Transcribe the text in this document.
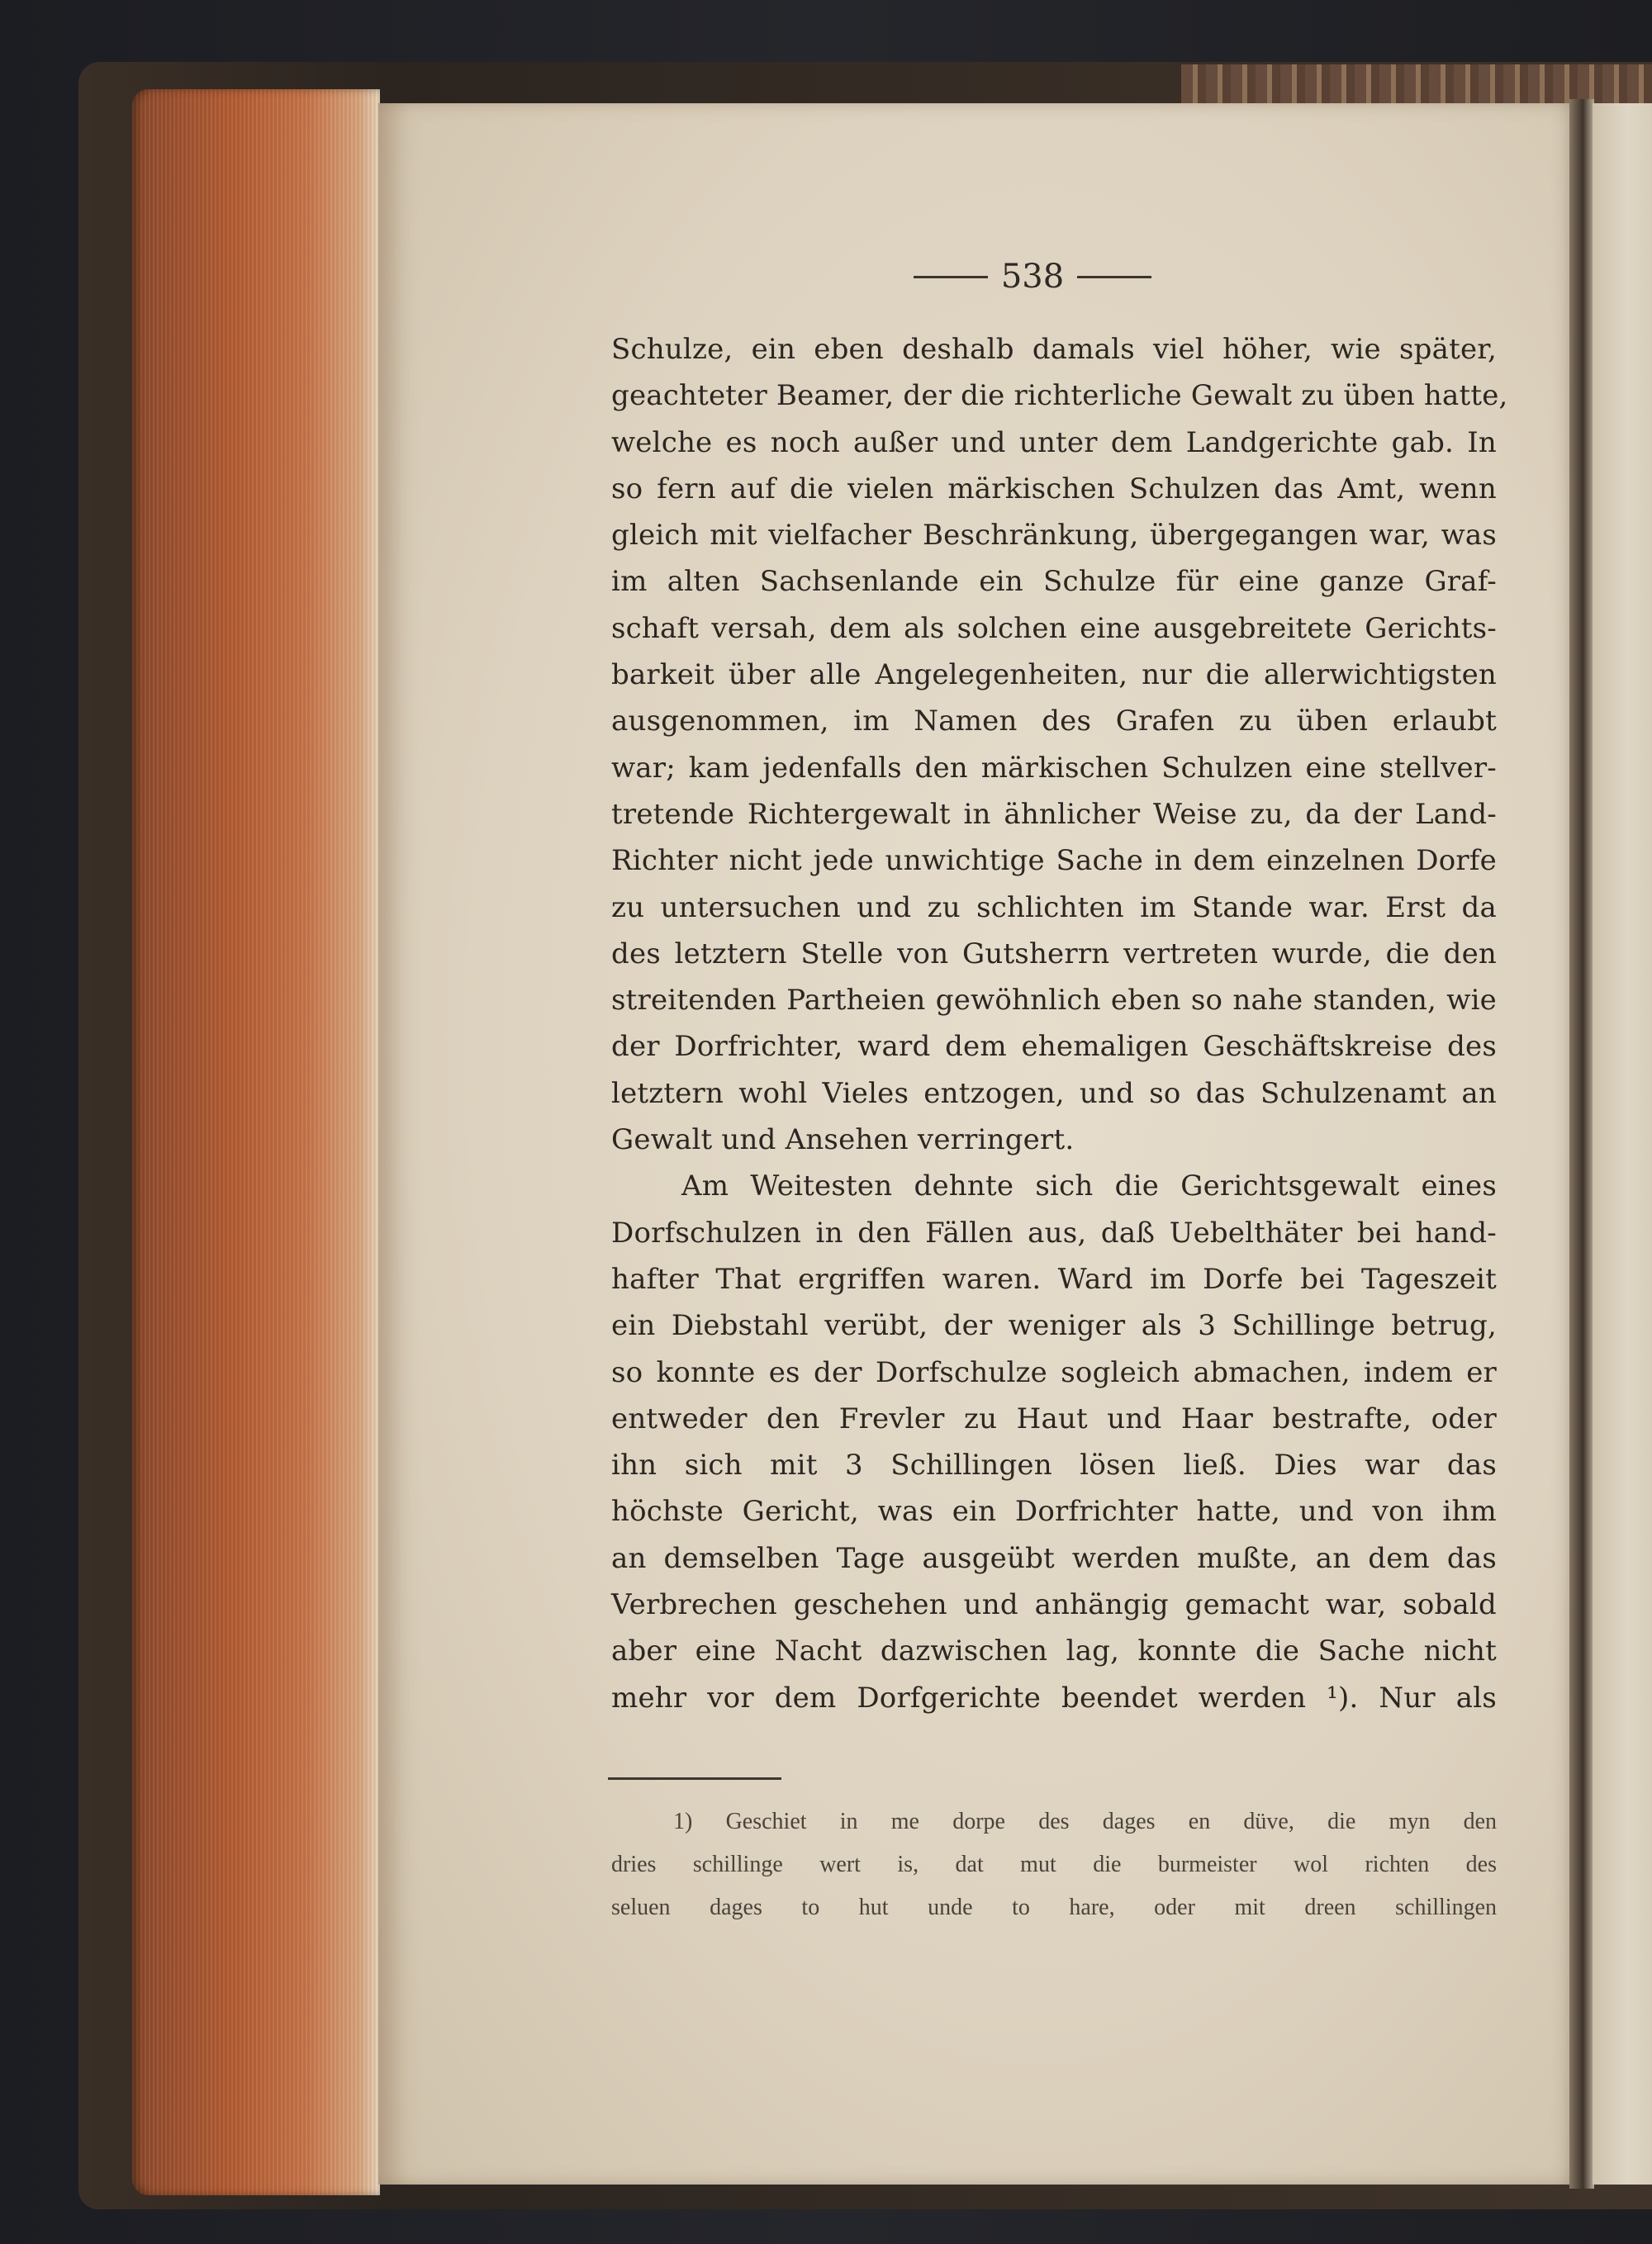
538
Schulze, ein eben deshalb damals viel höher, wie später,
geachteter Beamer, der die richterliche Gewalt zu üben hatte,
welche es noch außer und unter dem Landgerichte gab. In
so fern auf die vielen märkischen Schulzen das Amt, wenn
gleich mit vielfacher Beschränkung, übergegangen war, was
im alten Sachsenlande ein Schulze für eine ganze Graf-
schaft versah, dem als solchen eine ausgebreitete Gerichts-
barkeit über alle Angelegenheiten, nur die allerwichtigsten
ausgenommen, im Namen des Grafen zu üben erlaubt
war; kam jedenfalls den märkischen Schulzen eine stellver-
tretende Richtergewalt in ähnlicher Weise zu, da der Land-
Richter nicht jede unwichtige Sache in dem einzelnen Dorfe
zu untersuchen und zu schlichten im Stande war. Erst da
des letztern Stelle von Gutsherrn vertreten wurde, die den
streitenden Partheien gewöhnlich eben so nahe standen, wie
der Dorfrichter, ward dem ehemaligen Geschäftskreise des
letztern wohl Vieles entzogen, und so das Schulzenamt an
Gewalt und Ansehen verringert.
Am Weitesten dehnte sich die Gerichtsgewalt eines
Dorfschulzen in den Fällen aus, daß Uebelthäter bei hand-
hafter That ergriffen waren. Ward im Dorfe bei Tageszeit
ein Diebstahl verübt, der weniger als 3 Schillinge betrug,
so konnte es der Dorfschulze sogleich abmachen, indem er
entweder den Frevler zu Haut und Haar bestrafte, oder
ihn sich mit 3 Schillingen lösen ließ. Dies war das
höchste Gericht, was ein Dorfrichter hatte, und von ihm
an demselben Tage ausgeübt werden mußte, an dem das
Verbrechen geschehen und anhängig gemacht war, sobald
aber eine Nacht dazwischen lag, konnte die Sache nicht
mehr vor dem Dorfgerichte beendet werden ¹). Nur als
1) Geschiet in me dorpe des dages en düve, die myn den
dries schillinge wert is, dat mut die burmeister wol richten des
seluen dages to hut unde to hare, oder mit dreen schillingen
